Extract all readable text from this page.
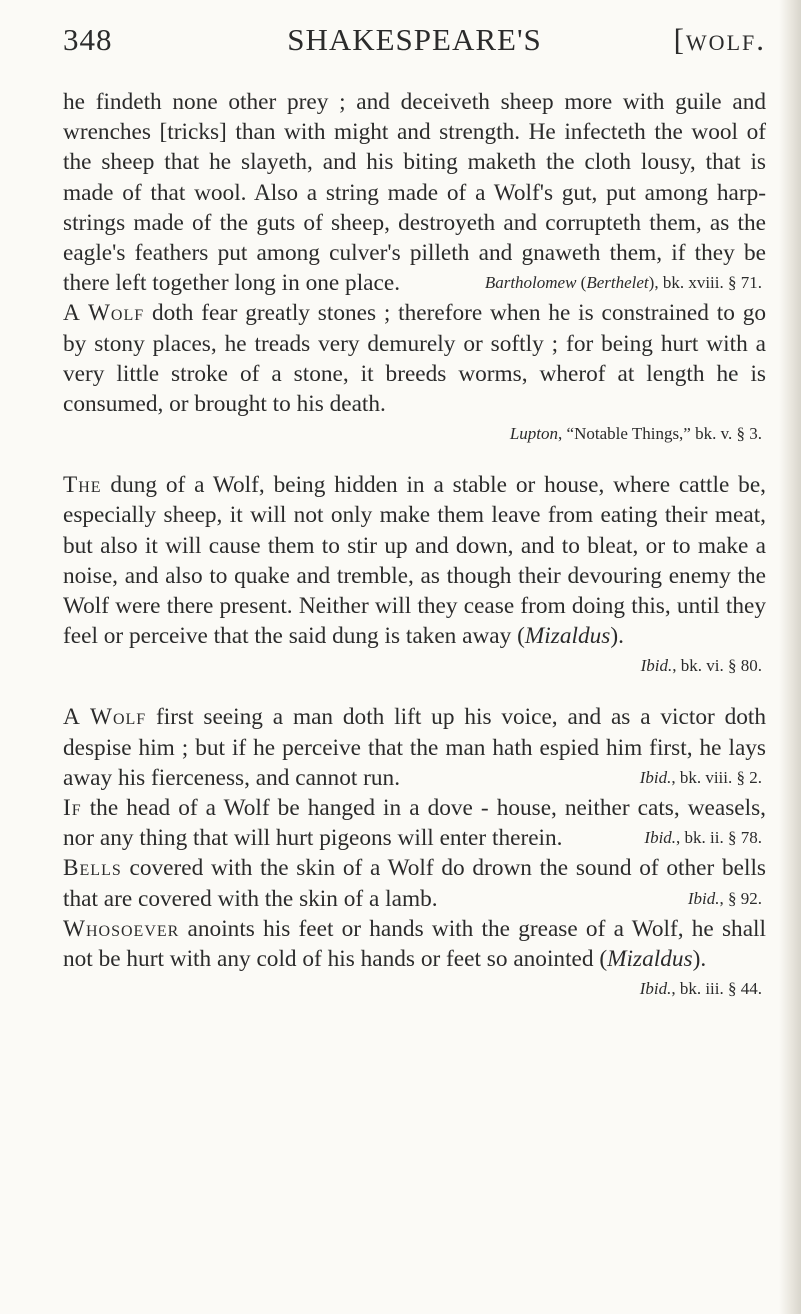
348	SHAKESPEARE'S	[wolf.

he findeth none other prey ; and deceiveth sheep more with guile and wrenches [tricks] than with might and strength. He infecteth the wool of the sheep that he slayeth, and his biting maketh the cloth lousy, that is made of that wool. Also a string made of a Wolf's gut, put among harp-strings made of the guts of sheep, destroyeth and corrupteth them, as the eagle's feathers put among culver's pilleth and gnaweth them, if they be there left together long in one place.	Bartholomew (Berthelet), bk. xviii. § 71.

A Wolf doth fear greatly stones ; therefore when he is constrained to go by stony places, he treads very demurely or softly ; for being hurt with a very little stroke of a stone, it breeds worms, wherof at length he is consumed, or brought to his death.
Lupton, “Notable Things,” bk. v. § 3.

The dung of a Wolf, being hidden in a stable or house, where cattle be, especially sheep, it will not only make them leave from eating their meat, but also it will cause them to stir up and down, and to bleat, or to make a noise, and also to quake and tremble, as though their devouring enemy the Wolf were there present. Neither will they cease from doing this, until they feel or perceive that the said dung is taken away (Mizaldus).
Ibid., bk. vi. § 80.

A Wolf first seeing a man doth lift up his voice, and as a victor doth despise him ; but if he perceive that the man hath espied him first, he lays away his fierceness, and cannot run.	Ibid., bk. viii. § 2.

If the head of a Wolf be hanged in a dove - house, neither cats, weasels, nor any thing that will hurt pigeons will enter therein.	Ibid., bk. ii. § 78.

Bells covered with the skin of a Wolf do drown the sound of other bells that are covered with the skin of a lamb.	Ibid., § 92.

Whosoever anoints his feet or hands with the grease of a Wolf, he shall not be hurt with any cold of his hands or feet so anointed (Mizaldus).
Ibid., bk. iii. § 44.
